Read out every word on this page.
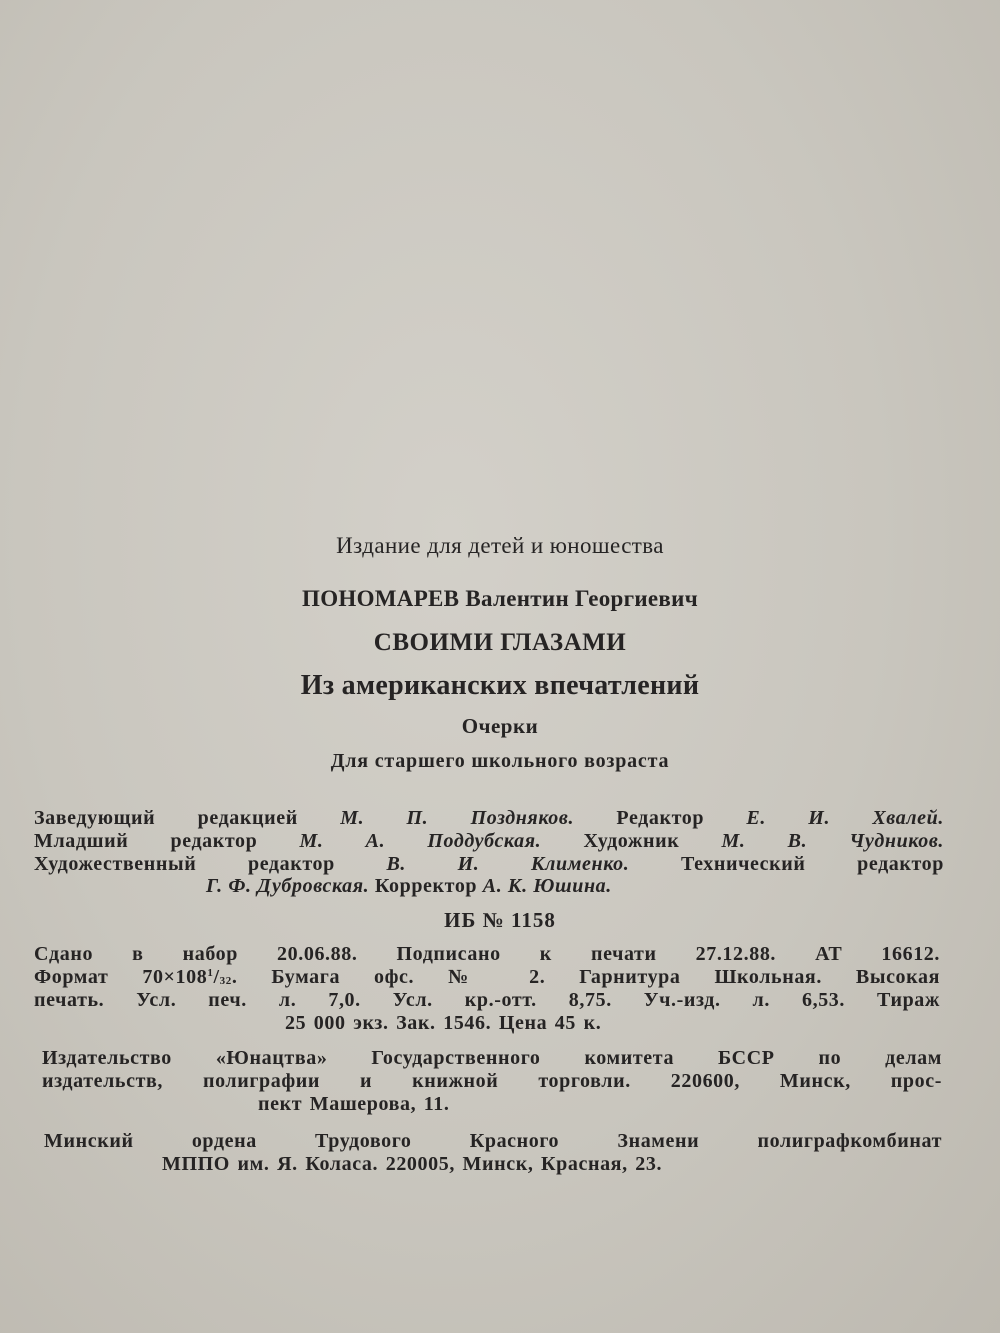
Издание для детей и юношества
ПОНОМАРЕВ Валентин Георгиевич
СВОИМИ ГЛАЗАМИ
Из американских впечатлений
Очерки
Для старшего школьного возраста
Заведующий редакцией М. П. Поздняков. Редактор Е. И. Хвалей.
Младший редактор М. А. Поддубская. Художник М. В. Чудников.
Художественный редактор	В. И. Клименко.	Технический редактор
Г. Ф. Дубровская. Корректор А. К. Юшина.
ИБ № 1158
Сдано в набор 20.06.88. Подписано к печати 27.12.88. АТ 16612.
Формат $70\times 108^1/_{32}$. Бумага офс. № 2. Гарнитура Школьная. Высокая
печать. Усл. печ. л. 7,0. Усл. кр.-отт. 8,75. Уч.-изд. л. 6,53. Тираж
25 000 экз. Зак. 1546. Цена 45 к.
Издательство «Юнацтва» Государственного комитета БССР по делам
издательств, полиграфии и книжной торговли. 220600, Минск, прос-
пект Машерова, 11.
Минский ордена Трудового Красного Знамени полиграфкомбинат
МППО им. Я. Коласа. 220005, Минск, Красная, 23.
